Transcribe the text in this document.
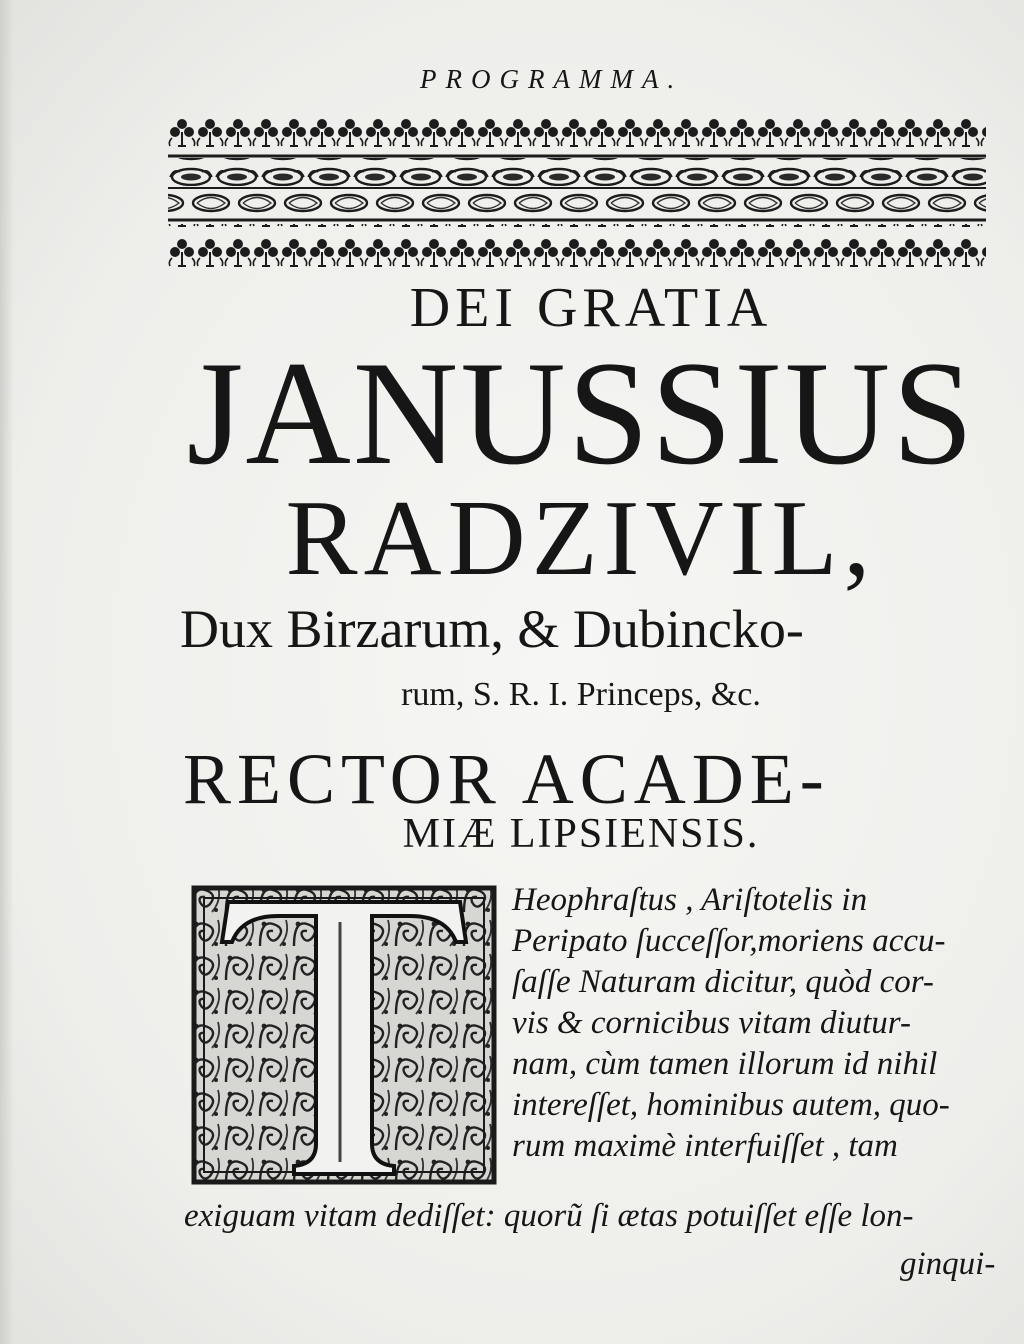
PROGRAMMA.
DEI GRATIA
JANUSSIUS
RADZIVIL,
Dux Birzarum, & Dubincko-
rum, S. R. I. Princeps, &c.
RECTOR ACADE-
MIÆ LIPSIENSIS.
Heophraſtus , Ariſtotelis in
Peripato ſucceſſor,moriens accu-
ſaſſe Naturam dicitur, quòd cor-
vis & cornicibus vitam diutur-
nam, cùm tamen illorum id nihil
intereſſet, hominibus autem, quo-
rum maximè interfuiſſet , tam
exiguam vitam dediſſet: quorũ ſi ætas potuiſſet eſſe lon-
ginqui-
